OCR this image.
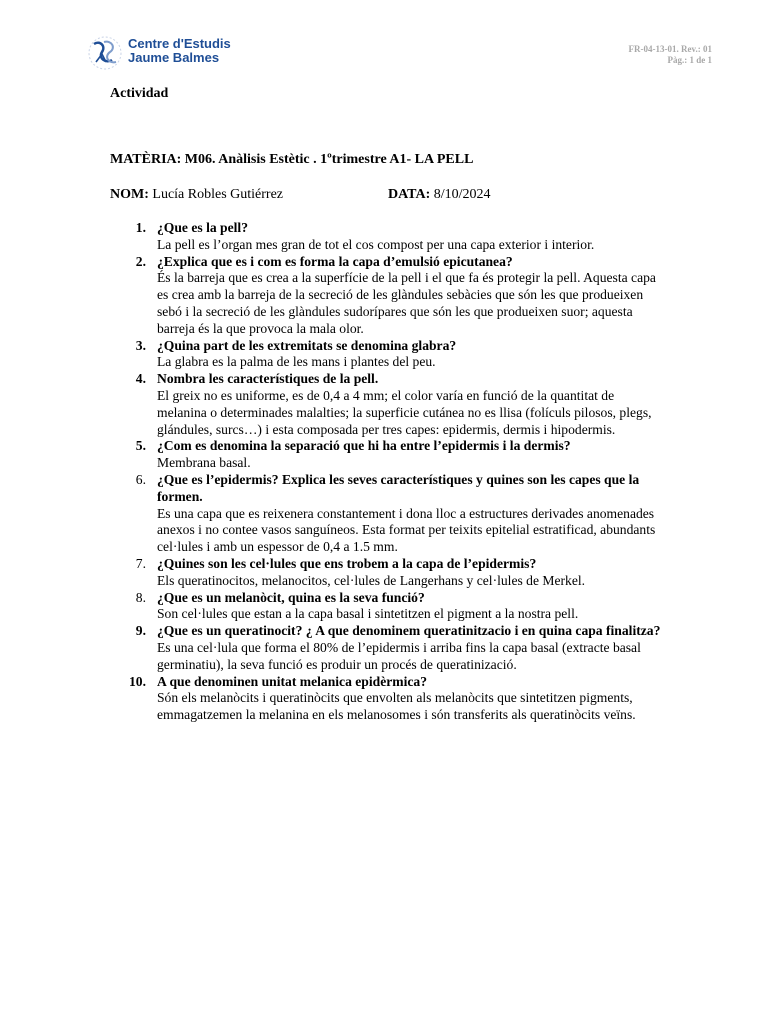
Centre d'Estudis
Jaume Balmes
FR-04-13-01. Rev.: 01
Pàg.: 1 de 1
Actividad
MATÈRIA: M06. Anàlisis Estètic . 1ºtrimestre A1- LA PELL
NOM: Lucía Robles Gutiérrez	DATA: 8/10/2024
1. ¿Que es la pell?
La pell es l’organ mes gran de tot el cos compost per una capa exterior i interior.
2. ¿Explica que es i com es forma la capa d’emulsió epicutanea?
És la barreja que es crea a la superfície de la pell i el que fa és protegir la pell. Aquesta capa es crea amb la barreja de la secreció de les glàndules sebàcies que són les que produeixen sebó i la secreció de les glàndules sudorípares que són les que produeixen suor; aquesta barreja és la que provoca la mala olor.
3. ¿Quina part de les extremitats se denomina glabra?
La glabra es la palma de les mans i plantes del peu.
4. Nombra les característiques de la pell.
El greix no es uniforme, es de 0,4 a 4 mm; el color varía en funció de la quantitat de melanina o determinades malalties; la superficie cutánea no es llisa (folículs pilosos, plegs, glándules, surcs…) i esta composada per tres capes: epidermis, dermis i hipodermis.
5. ¿Com es denomina la separació que hi ha entre l’epidermis i la dermis?
Membrana basal.
6. ¿Que es l’epidermis? Explica les seves característiques y quines son les capes que la formen.
Es una capa que es reixenera constantement i dona lloc a estructures derivades anomenades anexos i no contee vasos sanguíneos. Esta format per teixits epitelial estratificad, abundants cel·lules i amb un espessor de 0,4 a 1.5 mm.
7. ¿Quines son les cel·lules que ens trobem a la capa de l’epidermis?
Els queratinocitos, melanocitos, cel·lules de Langerhans y cel·lules de Merkel.
8. ¿Que es un melanòcit, quina es la seva funció?
Son cel·lules que estan a la capa basal i sintetitzen el pigment a la nostra pell.
9. ¿Que es un queratinocit? ¿ A que denominem queratinitzacio i en quina capa finalitza?
Es una cel·lula que forma el 80% de l’epidermis i arriba fins la capa basal (extracte basal germinatiu), la seva funció es produir un procés de queratinizació.
10. A que denominen unitat melanica epidèrmica?
Són els melanòcits i queratinòcits que envolten als melanòcits que sintetitzen pigments, emmagatzemen la melanina en els melanosomes i són transferits als queratinòcits veïns.
